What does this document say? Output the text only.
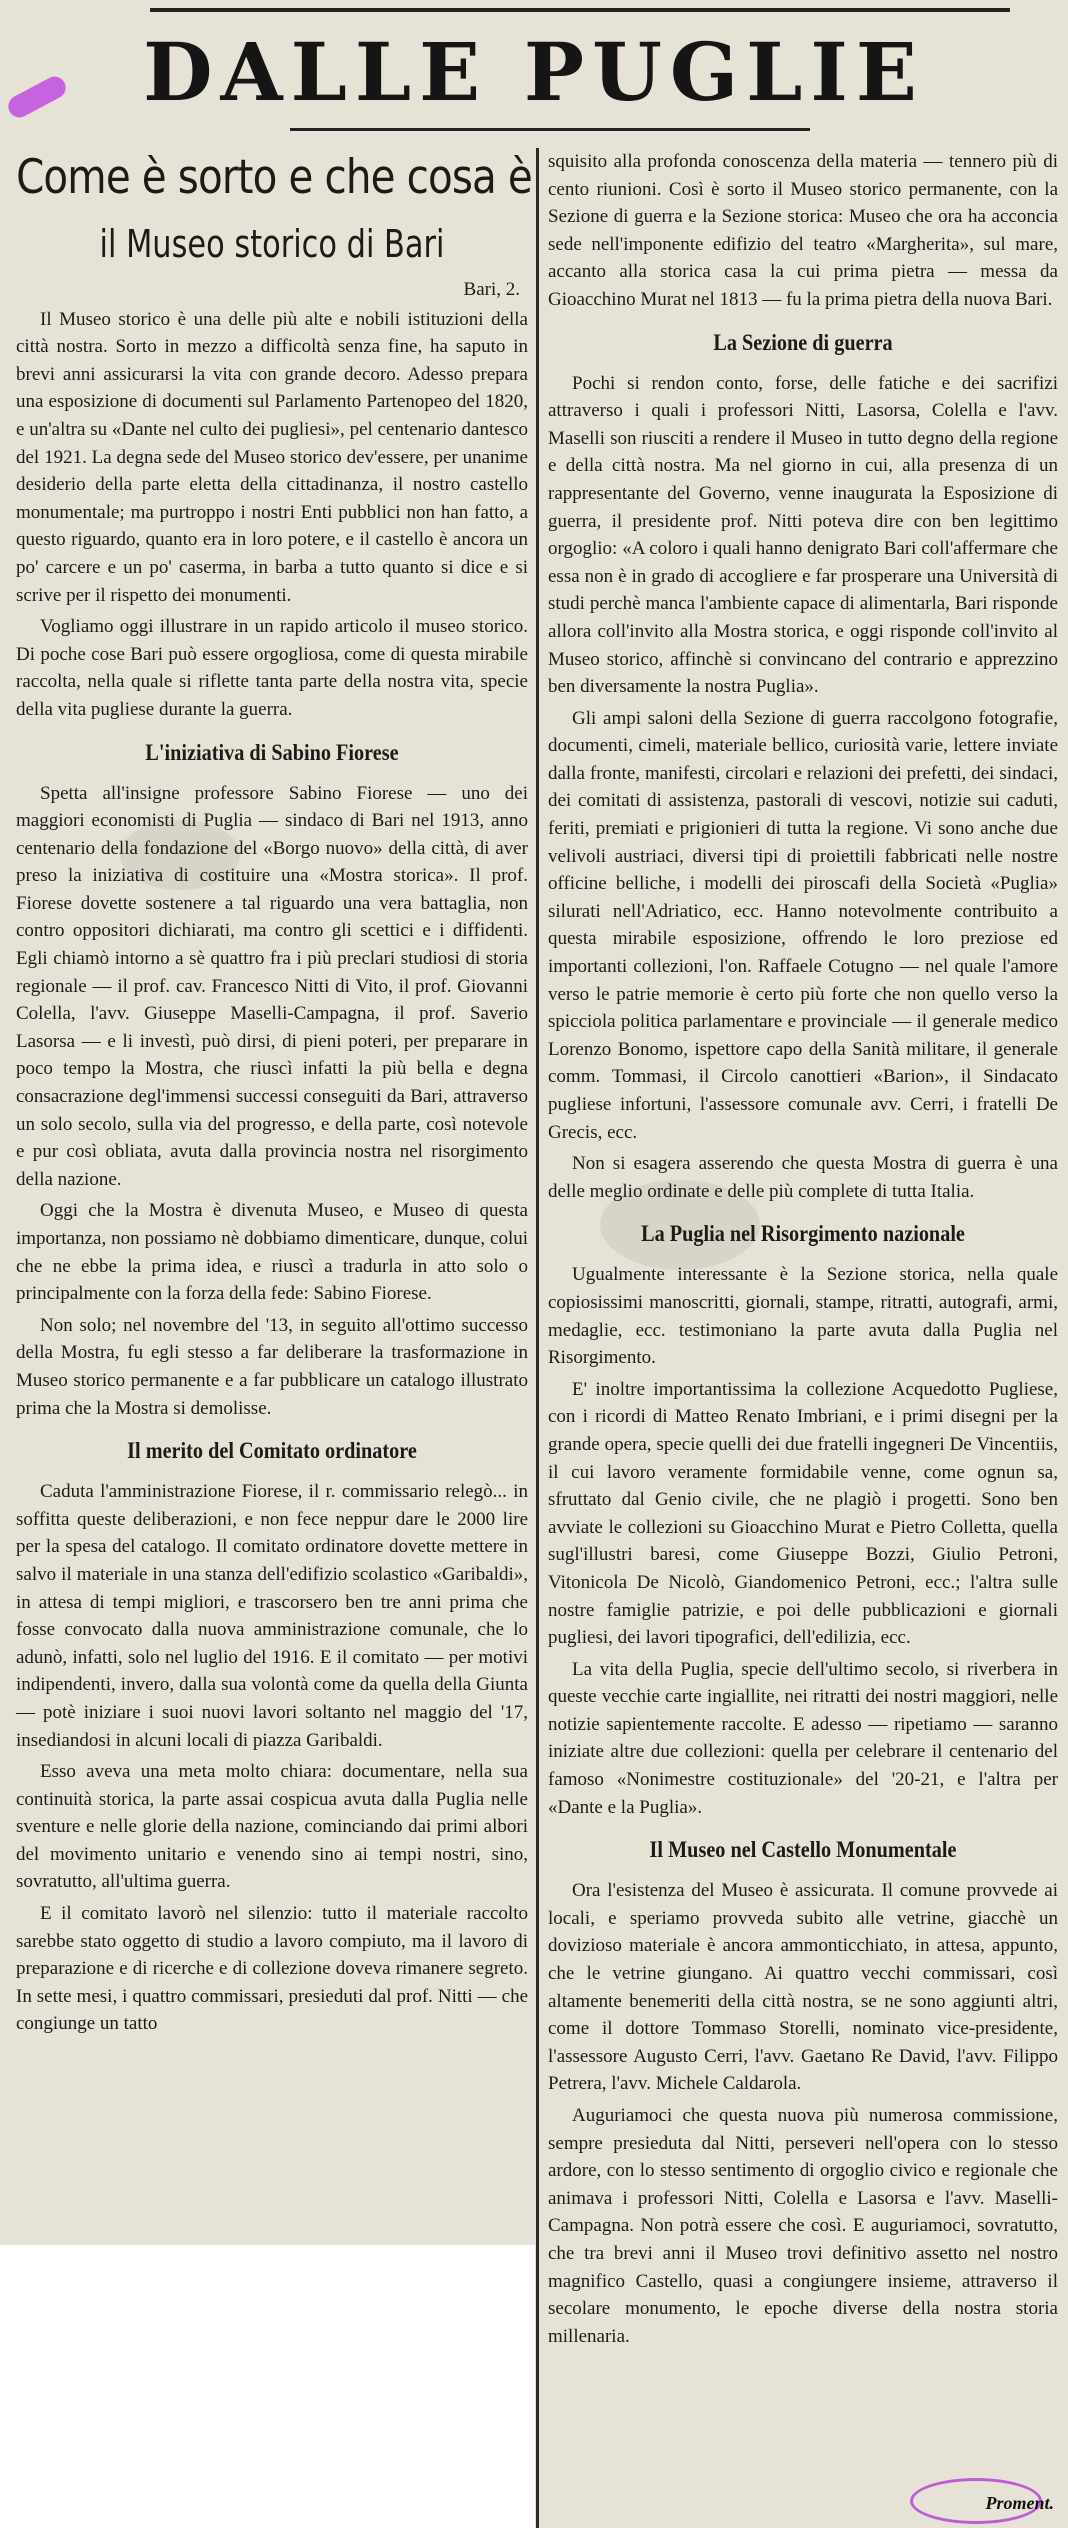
DALLE PUGLIE
Come è sorto e che cosa è
il Museo storico di Bari
Bari, 2.

Il Museo storico è una delle più alte e nobili istituzioni della città nostra. Sorto in mezzo a difficoltà senza fine, ha saputo in brevi anni assicurarsi la vita con grande decoro. Adesso prepara una esposizione di documenti sul Parlamento Partenopeo del 1820, e un'altra su «Dante nel culto dei pugliesi», pel centenario dantesco del 1921. La degna sede del Museo storico dev'essere, per unanime desiderio della parte eletta della cittadinanza, il nostro castello monumentale; ma purtroppo i nostri Enti pubblici non han fatto, a questo riguardo, quanto era in loro potere, e il castello è ancora un po' carcere e un po' caserma, in barba a tutto quanto si dice e si scrive per il rispetto dei monumenti.

Vogliamo oggi illustrare in un rapido articolo il museo storico. Di poche cose Bari può essere orgogliosa, come di questa mirabile raccolta, nella quale si riflette tanta parte della nostra vita, specie della vita pugliese durante la guerra.

L'iniziativa di Sabino Fiorese

Spetta all'insigne professore Sabino Fiorese — uno dei maggiori economisti di Puglia — sindaco di Bari nel 1913, anno centenario della fondazione del «Borgo nuovo» della città, di aver preso la iniziativa di costituire una «Mostra storica». Il prof. Fiorese dovette sostenere a tal riguardo una vera battaglia, non contro oppositori dichiarati, ma contro gli scettici e i diffidenti. Egli chiamò intorno a sè quattro fra i più preclari studiosi di storia regionale — il prof. cav. Francesco Nitti di Vito, il prof. Giovanni Colella, l'avv. Giuseppe Maselli-Campagna, il prof. Saverio Lasorsa — e li investì, può dirsi, di pieni poteri, per preparare in poco tempo la Mostra, che riuscì infatti la più bella e degna consacrazione degl'immensi successi conseguiti da Bari, attraverso un solo secolo, sulla via del progresso, e della parte, così notevole e pur così obliata, avuta dalla provincia nostra nel risorgimento della nazione.

Oggi che la Mostra è divenuta Museo, e Museo di questa importanza, non possiamo nè dobbiamo dimenticare, dunque, colui che ne ebbe la prima idea, e riuscì a tradurla in atto solo o principalmente con la forza della fede: Sabino Fiorese.

Non solo; nel novembre del '13, in seguito all'ottimo successo della Mostra, fu egli stesso a far deliberare la trasformazione in Museo storico permanente e a far pubblicare un catalogo illustrato prima che la Mostra si demolisse.

Il merito del Comitato ordinatore

Caduta l'amministrazione Fiorese, il r. commissario relegò... in soffitta queste deliberazioni, e non fece neppur dare le 2000 lire per la spesa del catalogo. Il comitato ordinatore dovette mettere in salvo il materiale in una stanza dell'edifizio scolastico «Garibaldi», in attesa di tempi migliori, e trascorsero ben tre anni prima che fosse convocato dalla nuova amministrazione comunale, che lo adunò, infatti, solo nel luglio del 1916. E il comitato — per motivi indipendenti, invero, dalla sua volontà come da quella della Giunta — potè iniziare i suoi nuovi lavori soltanto nel maggio del '17, insediandosi in alcuni locali di piazza Garibaldi.

Esso aveva una meta molto chiara: documentare, nella sua continuità storica, la parte assai cospicua avuta dalla Puglia nelle sventure e nelle glorie della nazione, cominciando dai primi albori del movimento unitario e venendo sino ai tempi nostri, sino, sovratutto, all'ultima guerra.

E il comitato lavorò nel silenzio: tutto il materiale raccolto sarebbe stato oggetto di studio a lavoro compiuto, ma il lavoro di preparazione e di ricerche e di collezione doveva rimanere segreto. In sette mesi, i quattro commissari, presieduti dal prof. Nitti — che congiunge un tatto

squisito alla profonda conoscenza della materia — tennero più di cento riunioni. Così è sorto il Museo storico permanente, con la Sezione di guerra e la Sezione storica: Museo che ora ha acconcia sede nell'imponente edifizio del teatro «Margherita», sul mare, accanto alla storica casa la cui prima pietra — messa da Gioacchino Murat nel 1813 — fu la prima pietra della nuova Bari.

La Sezione di guerra

Pochi si rendon conto, forse, delle fatiche e dei sacrifizi attraverso i quali i professori Nitti, Lasorsa, Colella e l'avv. Maselli son riusciti a rendere il Museo in tutto degno della regione e della città nostra. Ma nel giorno in cui, alla presenza di un rappresentante del Governo, venne inaugurata la Esposizione di guerra, il presidente prof. Nitti poteva dire con ben legittimo orgoglio: «A coloro i quali hanno denigrato Bari coll'affermare che essa non è in grado di accogliere e far prosperare una Università di studi perchè manca l'ambiente capace di alimentarla, Bari risponde allora coll'invito alla Mostra storica, e oggi risponde coll'invito al Museo storico, affinchè si convincano del contrario e apprezzino ben diversamente la nostra Puglia».

Gli ampi saloni della Sezione di guerra raccolgono fotografie, documenti, cimeli, materiale bellico, curiosità varie, lettere inviate dalla fronte, manifesti, circolari e relazioni dei prefetti, dei sindaci, dei comitati di assistenza, pastorali di vescovi, notizie sui caduti, feriti, premiati e prigionieri di tutta la regione. Vi sono anche due velivoli austriaci, diversi tipi di proiettili fabbricati nelle nostre officine belliche, i modelli dei piroscafi della Società «Puglia» silurati nell'Adriatico, ecc. Hanno notevolmente contribuito a questa mirabile esposizione, offrendo le loro preziose ed importanti collezioni, l'on. Raffaele Cotugno — nel quale l'amore verso le patrie memorie è certo più forte che non quello verso la spicciola politica parlamentare e provinciale — il generale medico Lorenzo Bonomo, ispettore capo della Sanità militare, il generale comm. Tommasi, il Circolo canottieri «Barion», il Sindacato pugliese infortuni, l'assessore comunale avv. Cerri, i fratelli De Grecis, ecc.

Non si esagera asserendo che questa Mostra di guerra è una delle meglio ordinate e delle più complete di tutta Italia.

La Puglia nel Risorgimento nazionale

Ugualmente interessante è la Sezione storica, nella quale copiosissimi manoscritti, giornali, stampe, ritratti, autografi, armi, medaglie, ecc. testimoniano la parte avuta dalla Puglia nel Risorgimento.

E' inoltre importantissima la collezione Acquedotto Pugliese, con i ricordi di Matteo Renato Imbriani, e i primi disegni per la grande opera, specie quelli dei due fratelli ingegneri De Vincentiis, il cui lavoro veramente formidabile venne, come ognun sa, sfruttato dal Genio civile, che ne plagiò i progetti. Sono ben avviate le collezioni su Gioacchino Murat e Pietro Colletta, quella sugl'illustri baresi, come Giuseppe Bozzi, Giulio Petroni, Vitonicola De Nicolò, Giandomenico Petroni, ecc.; l'altra sulle nostre famiglie patrizie, e poi delle pubblicazioni e giornali pugliesi, dei lavori tipografici, dell'edilizia, ecc.

La vita della Puglia, specie dell'ultimo secolo, si riverbera in queste vecchie carte ingiallite, nei ritratti dei nostri maggiori, nelle notizie sapientemente raccolte. E adesso — ripetiamo — saranno iniziate altre due collezioni: quella per celebrare il centenario del famoso «Nonimestre costituzionale» del '20-21, e l'altra per «Dante e la Puglia».

Il Museo nel Castello Monumentale

Ora l'esistenza del Museo è assicurata. Il comune provvede ai locali, e speriamo provveda subito alle vetrine, giacchè un dovizioso materiale è ancora ammonticchiato, in attesa, appunto, che le vetrine giungano. Ai quattro vecchi commissari, così altamente benemeriti della città nostra, se ne sono aggiunti altri, come il dottore Tommaso Storelli, nominato vice-presidente, l'assessore Augusto Cerri, l'avv. Gaetano Re David, l'avv. Filippo Petrera, l'avv. Michele Caldarola.

Auguriamoci che questa nuova più numerosa commissione, sempre presieduta dal Nitti, perseveri nell'opera con lo stesso ardore, con lo stesso sentimento di orgoglio civico e regionale che animava i professori Nitti, Colella e Lasorsa e l'avv. Maselli-Campagna. Non potrà essere che così. E auguriamoci, sovratutto, che tra brevi anni il Museo trovi definitivo assetto nel nostro magnifico Castello, quasi a congiungere insieme, attraverso il secolare monumento, le epoche diverse della nostra storia millenaria.

Proment.
